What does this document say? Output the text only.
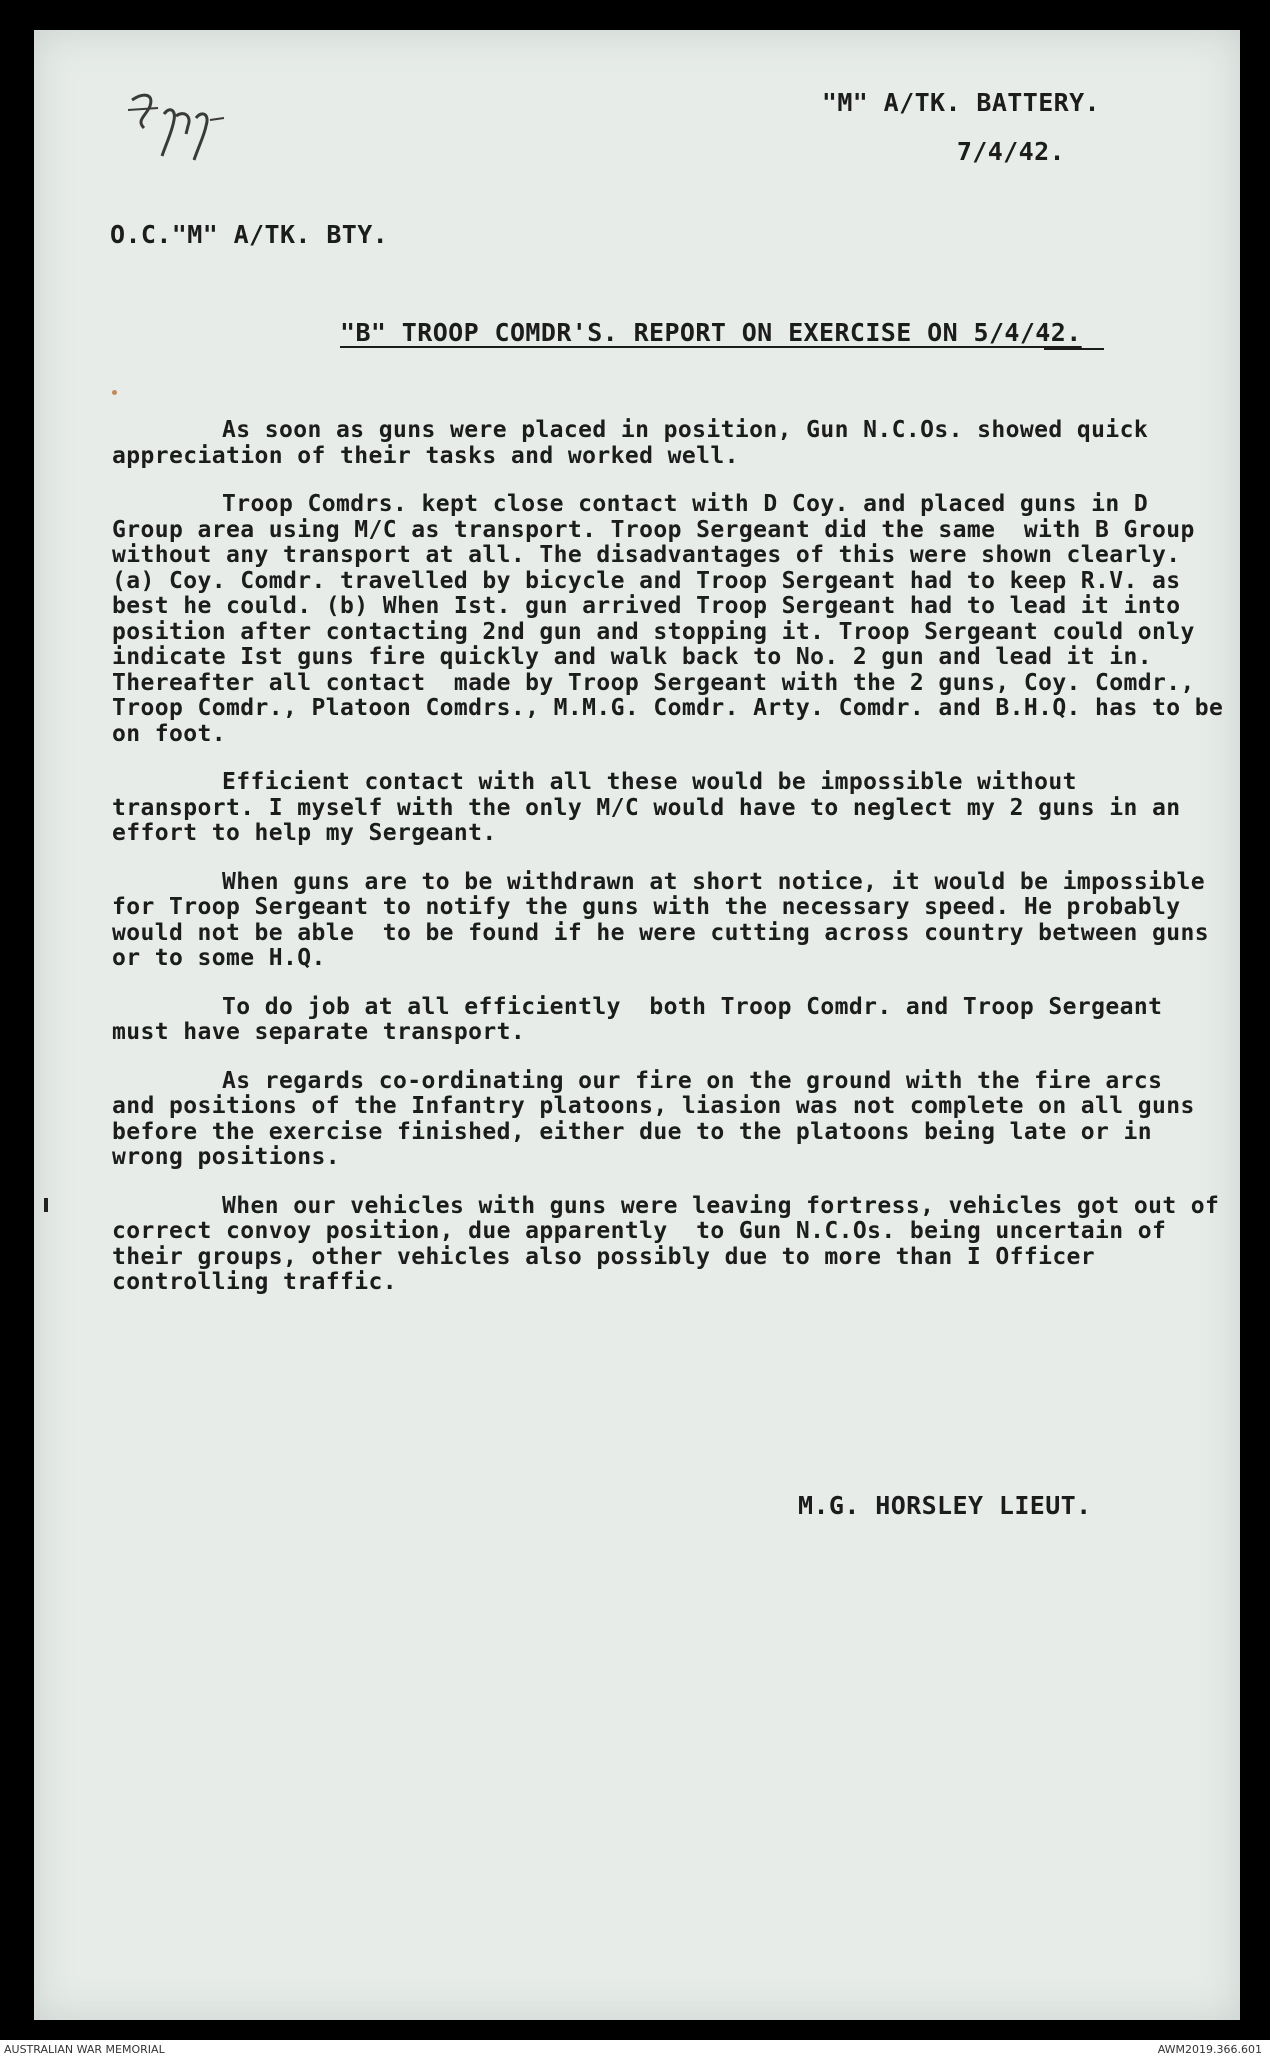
"M" A/TK. BATTERY.
7/4/42.
O.C."M" A/TK. BTY.
"B" TROOP COMDR'S. REPORT ON EXERCISE ON 5/4/42.

As soon as guns were placed in position, Gun N.C.Os. showed quick appreciation of their tasks and worked well.

Troop Comdrs. kept close contact with D Coy. and placed guns in D Group area using M/C as transport. Troop Sergeant did the same  with B Group without any transport at all. The disadvantages of this were shown clearly. (a) Coy. Comdr. travelled by bicycle and Troop Sergeant had to keep R.V. as best he could. (b) When Ist. gun arrived Troop Sergeant had to lead it into position after contacting 2nd gun and stopping it. Troop Sergeant could only indicate Ist guns fire quickly and walk back to No. 2 gun and lead it in. Thereafter all contact  made by Troop Sergeant with the 2 guns, Coy. Comdr., Troop Comdr., Platoon Comdrs., M.M.G. Comdr. Arty. Comdr. and B.H.Q. has to be on foot.

Efficient contact with all these would be impossible without transport. I myself with the only M/C would have to neglect my 2 guns in an effort to help my Sergeant.

When guns are to be withdrawn at short notice, it would be impossible for Troop Sergeant to notify the guns with the necessary speed. He probably would not be able  to be found if he were cutting across country between guns or to some H.Q.

To do job at all efficiently  both Troop Comdr. and Troop Sergeant  must have separate transport.

As regards co-ordinating our fire on the ground with the fire arcs  and positions of the Infantry platoons, liasion was not complete on all guns before the exercise finished, either due to the platoons being late or in wrong positions.

When our vehicles with guns were leaving fortress, vehicles got out of correct convoy position, due apparently  to Gun N.C.Os. being uncertain of their groups, other vehicles also possibly due to more than I Officer controlling traffic.

M.G. HORSLEY LIEUT.
AUSTRALIAN WAR MEMORIAL	AWM2019.366.601
